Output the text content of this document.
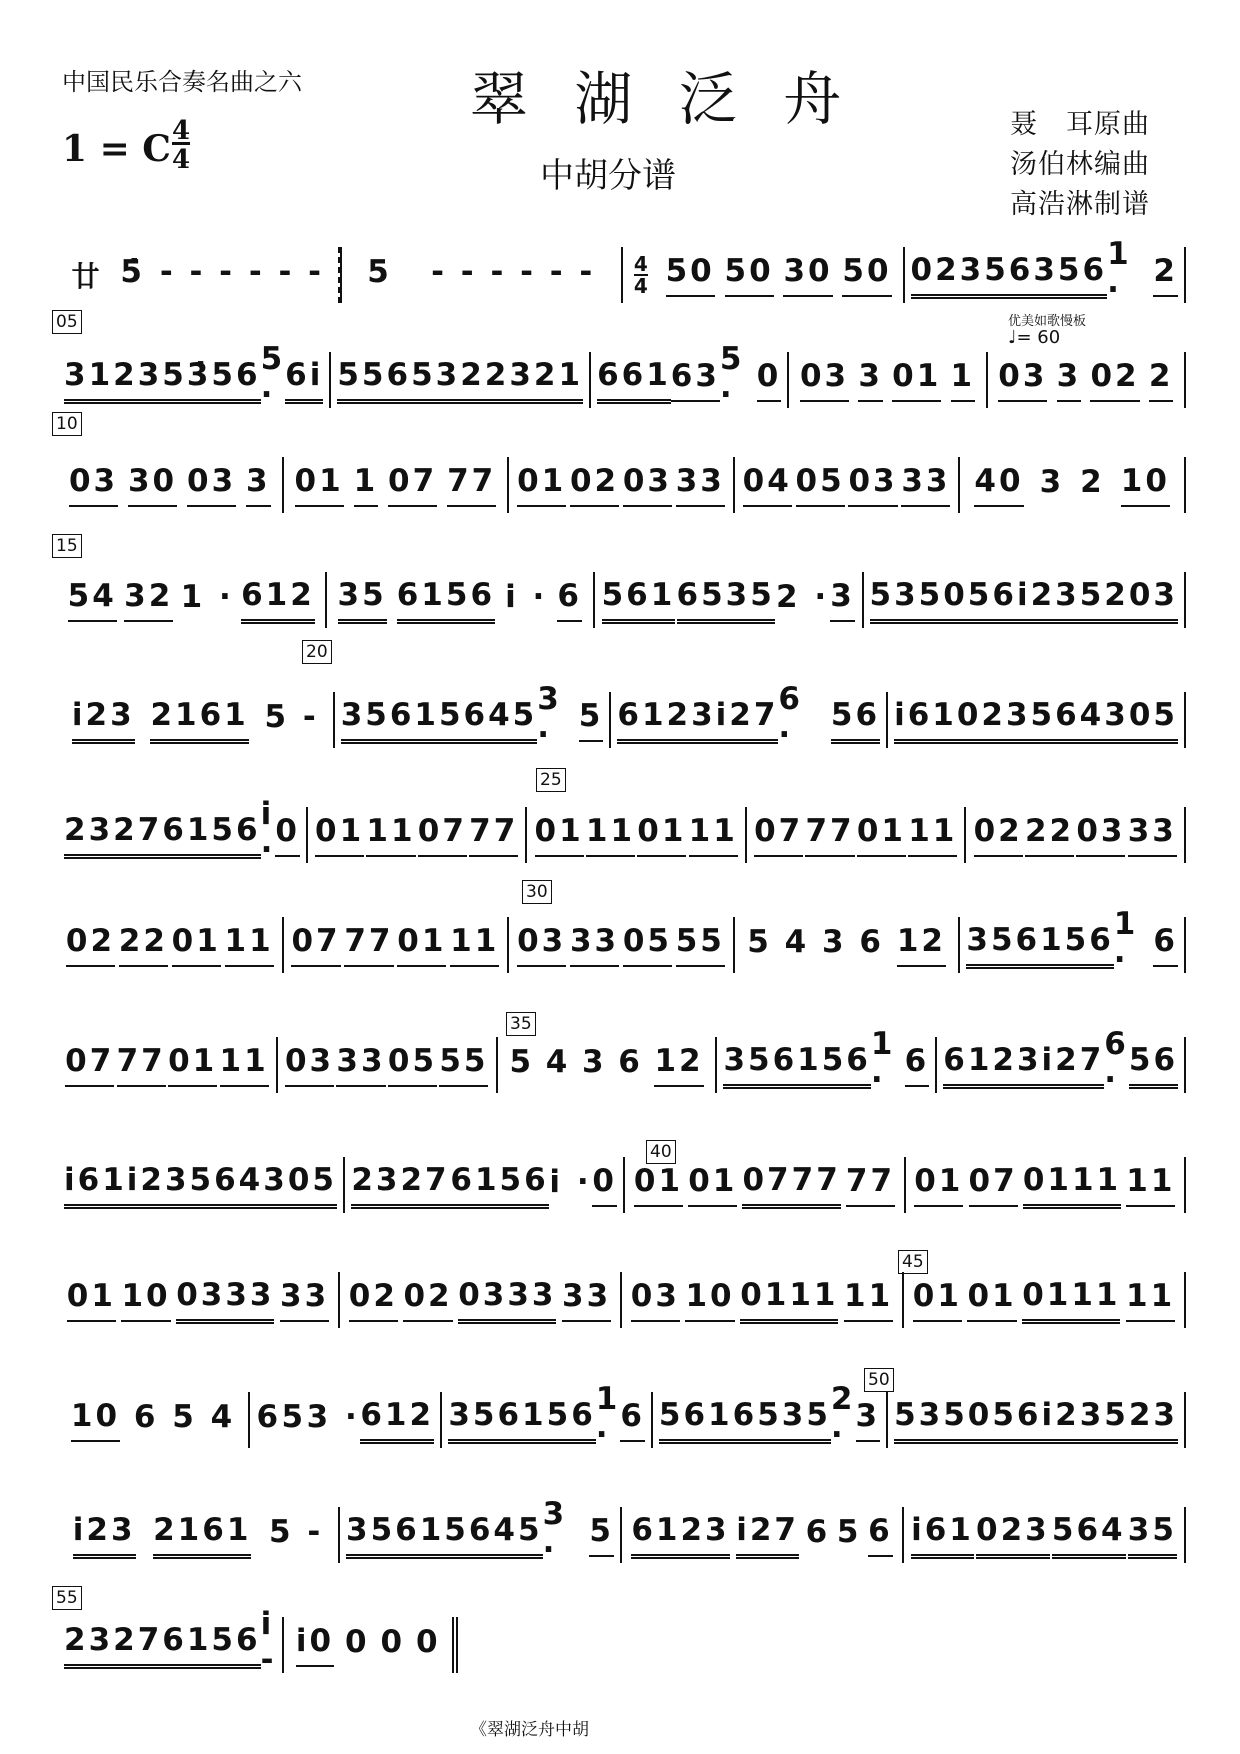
中国民乐合奏名曲之六	翠 湖 泛 舟
中胡分谱
1 = C 4
4
聂　耳原曲
汤伯林编曲
高浩淋制谱
优美如歌慢板
♩= 60
05
10
15
20
25
30
35
40
45
50
55
廿 5̇̇ - - - - - - 5 - - - - - - $\frac{4}{4} 50$ 50 30 50 0235 6356 1 ·
2
3123 53̇56 5 ·
6i 556 53 223 21 661 63 5 ·
0 03 3 01 1 03 3 02 2
03 30 03 3 01 1 07 77 01 02 03 33 04 05 03 33 40 3 2 10
54 32 1 · 612 35 6156 i · 6 561 6535 2 · 3 535 056 i235 203
i23 2161 5 - 3561 5645 3 ·
5 6123 i27 6 ·
56 i61 023 564 305
2327 6156 i ·
0 01 11 07 77 01 11 01 11 07 77 01 11 02 22 03 33
02 22 01 11 07 77 01 11 03 33 05 55 5 4 3 6 12 35 6156 1 ·
6
07 77 01 11 03 33 05 55 5 4 3 6 12 35 6156 1 ·
6 6123 i27 6 ·
56
i61 i23 564 305 2327 6156 i · 0 01 01 0777 77 01 07 0111 11
01 10 0333 33 02 02 0333 33 03 10 0111 11 01 01 0111 11
10 6 5 4 6 5 3 · 612 35 6156 1 ·
6 561 6535 2 ·
3 535 056 i235 23
i23 2161 5 - 3561 5645 3 ·
5 6123 i27 6 5 6 i61 023 564 35
2327 6156 i -
i0 0 0 0
《翠湖泛舟中胡
